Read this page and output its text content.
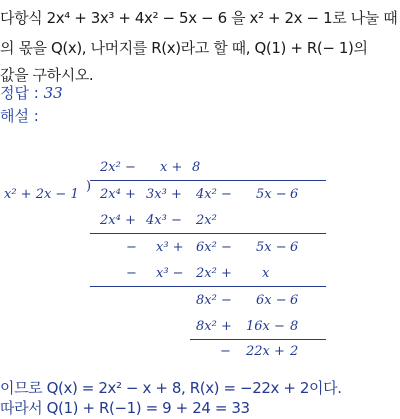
다항식 2x⁴ + 3x³ + 4x² − 5x − 6 을 x² + 2x − 1로 나눌 때
의 몫을 Q(x), 나머지를 R(x)라고 할 때, Q(1) + R(− 1)의
값을 구하시오.
정답 : 33
해설 :
2x² − x + 8
x² + 2x − 1
)
2x⁴ + 3x³ + 4x² − 5x − 6
2x⁴ + 4x³ − 2x²
− x³ + 6x² − 5x − 6
− x³ − 2x² + x
8x² − 6x − 6
8x² + 16x − 8
− 22x + 2
이므로 Q(x) = 2x² − x + 8, R(x) = −22x + 2이다.
따라서 Q(1) + R(−1) = 9 + 24 = 33
